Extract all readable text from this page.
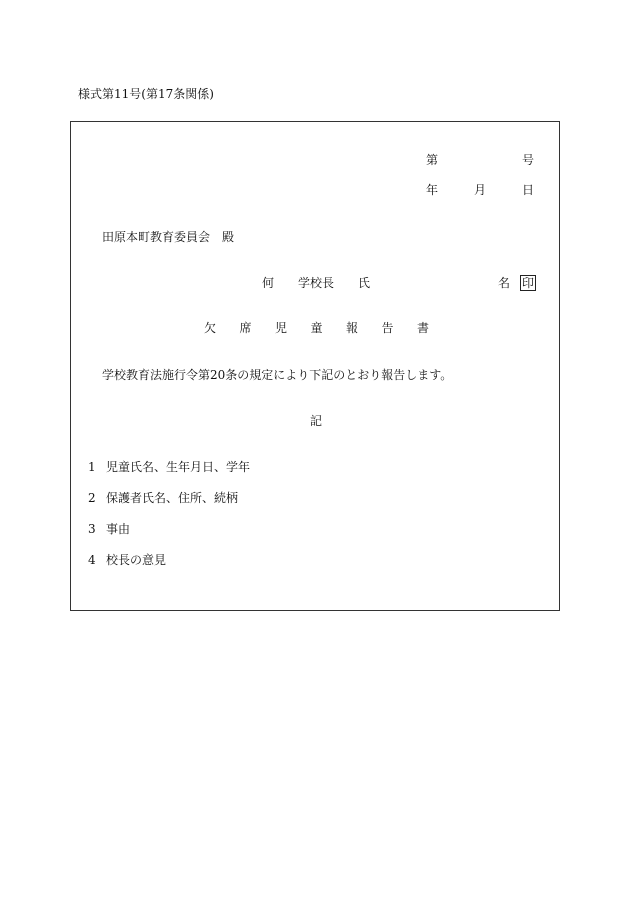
様式第11号(第17条関係)
第	号
年	月	日
田原本町教育委員会　殿
何　　学校長　　氏	名 印
欠 席 児 童 報 告 書
学校教育法施行令第20条の規定により下記のとおり報告します。
記
1 児童氏名、生年月日、学年
2 保護者氏名、住所、続柄
3 事由
4 校長の意見
